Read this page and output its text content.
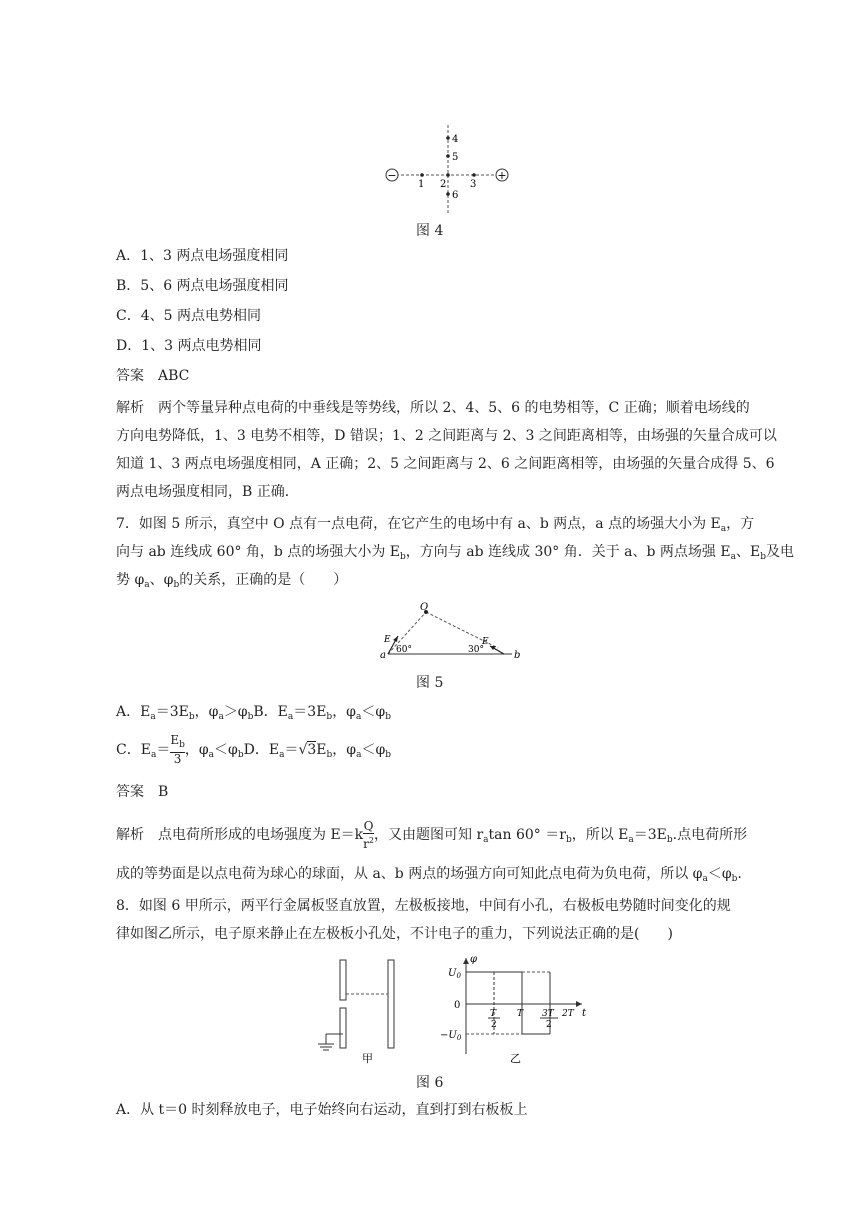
−	+
4
5
1 2 3
6
图 4
A．1、3 两点电场强度相同
B．5、6 两点电场强度相同
C．4、5 两点电势相同
D．1、3 两点电势相同
答案　ABC
解析　两个等量异种点电荷的中垂线是等势线，所以 2、4、5、6 的电势相等，C 正确；顺着电场线的
方向电势降低，1、3 电势不相等，D 错误；1、2 之间距离与 2、3 之间距离相等，由场强的矢量合成可以
知道 1、3 两点电场强度相同，A 正确；2、5 之间距离与 2、6 之间距离相等，由场强的矢量合成得 5、6
两点电场强度相同，B 正确．
7．如图 5 所示，真空中 O 点有一点电荷，在它产生的电场中有 a、b 两点，a 点的场强大小为 $E_a$，方
向与 ab 连线成 60° 角，b 点的场强大小为 $E_b$，方向与 ab 连线成 30° 角．关于 a、b 两点场强 $E_a$、$E_b$及电
势 $\varphi_a$、$\varphi_b$的关系，正确的是（　　）
O
E	E
a	b
60°	30°
图 5
A．$E_a=3E_b$，$\varphi_a>\varphi_bB$．$E_a=3E_b$，$\varphi_a<\varphi_b$
C．$E_a= \frac{E_b}{3}$ ，$\varphi_a<\varphi_bD$．$E_a=√3E_b$，$\varphi_a<\varphi_b$
答案　B
解析　点电荷所形成的电场强度为 $E=k \frac{Q}{r^2}$ ，又由题图可知 $r_a\tan$ $60^\circ =r_b$，所以 $E_a=3E_b$.点电荷所形
成的等势面是以点电荷为球心的球面，从 a、b 两点的场强方向可知此点电荷为负电荷，所以 $\varphi_a<\varphi_b$.
8．如图 6 甲所示，两平行金属板竖直放置，左极板接地，中间有小孔，右极板电势随时间变化的规
律如图乙所示，电子原来静止在左极板小孔处，不计电子的重力，下列说法正确的是(　　)
甲
φ
$U_0$
0
$-U_0$
T
2
T 3T
2
2T t
乙
图 6
A．从 t＝0 时刻释放电子，电子始终向右运动，直到打到右板板上
